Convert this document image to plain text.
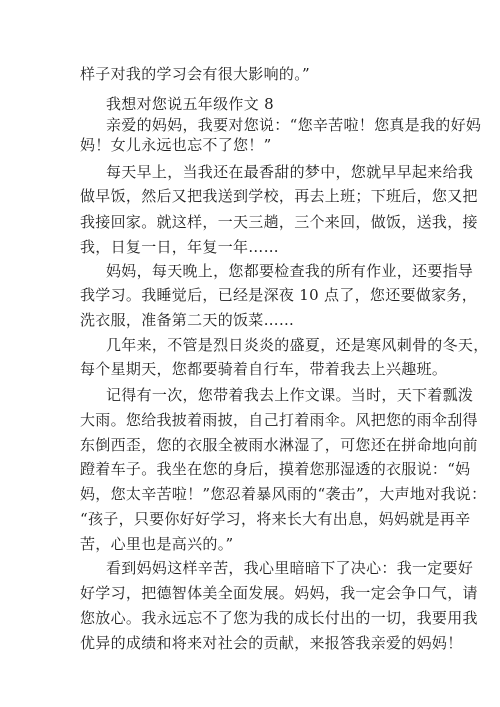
样子对我的学习会有很大影响的。”
我想对您说五年级作文 8
亲爱的妈妈，我要对您说：“您辛苦啦！您真是我的好妈
妈！女儿永远也忘不了您！”
每天早上，当我还在最香甜的梦中，您就早早起来给我
做早饭，然后又把我送到学校，再去上班；下班后，您又把
我接回家。就这样，一天三趟，三个来回，做饭，送我，接
我，日复一日，年复一年……
妈妈，每天晚上，您都要检查我的所有作业，还要指导
我学习。我睡觉后，已经是深夜 10 点了，您还要做家务，
洗衣服，准备第二天的饭菜……
几年来，不管是烈日炎炎的盛夏，还是寒风刺骨的冬天，
每个星期天，您都要骑着自行车，带着我去上兴趣班。
记得有一次，您带着我去上作文课。当时，天下着瓢泼
大雨。您给我披着雨披，自己打着雨伞。风把您的雨伞刮得
东倒西歪，您的衣服全被雨水淋湿了，可您还在拼命地向前
蹬着车子。我坐在您的身后，摸着您那湿透的衣服说：“妈
妈，您太辛苦啦！”您忍着暴风雨的“袭击”，大声地对我说：
“孩子，只要你好好学习，将来长大有出息，妈妈就是再辛
苦，心里也是高兴的。”
看到妈妈这样辛苦，我心里暗暗下了决心：我一定要好
好学习，把德智体美全面发展。妈妈，我一定会争口气，请
您放心。我永远忘不了您为我的成长付出的一切，我要用我
优异的成绩和将来对社会的贡献，来报答我亲爱的妈妈！
